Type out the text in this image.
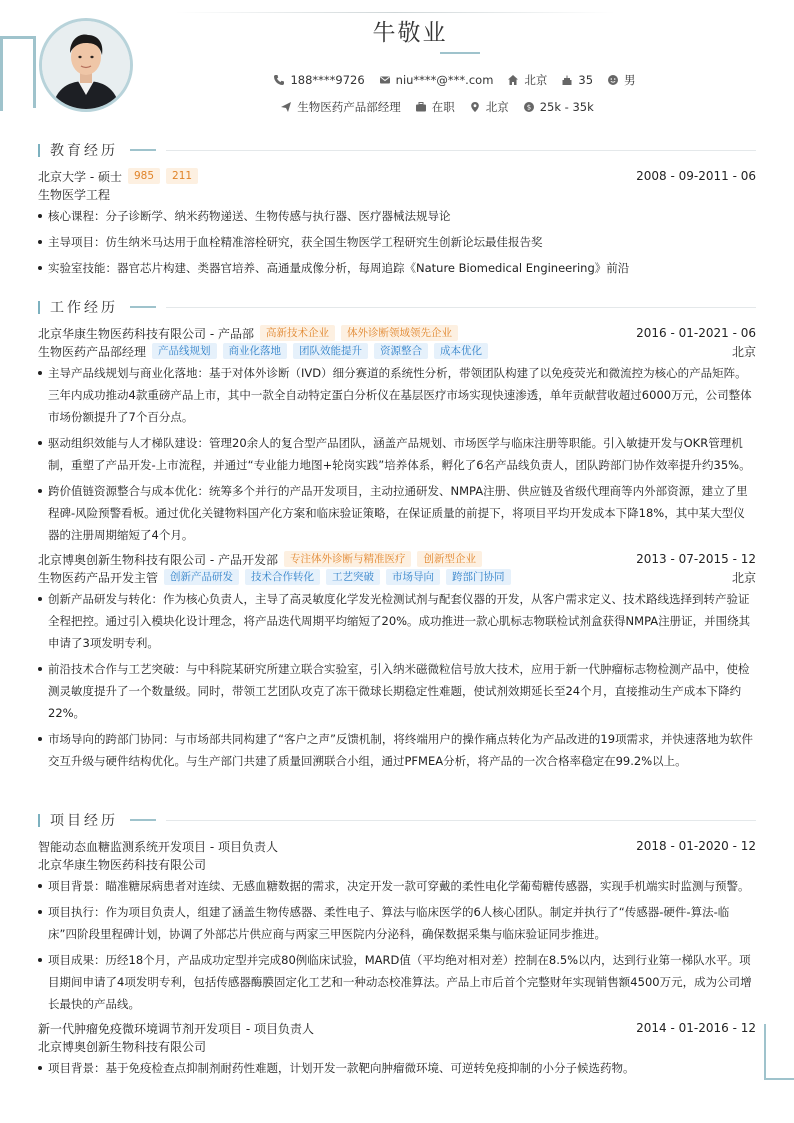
牛敬业
188****9726	niu****@***.com	北京	35	男
生物医药产品部经理	在职	北京	$ 25k - 35k
教育经历
北京大学 - 硕士	985	211	2008 - 09-2011 - 06
生物医学工程
核心课程：分子诊断学、纳米药物递送、生物传感与执行器、医疗器械法规导论
主导项目：仿生纳米马达用于血栓精准溶栓研究，获全国生物医学工程研究生创新论坛最佳报告奖
实验室技能：器官芯片构建、类器官培养、高通量成像分析，每周追踪《Nature Biomedical Engineering》前沿
工作经历
北京华康生物医药科技有限公司 - 产品部	高新技术企业	体外诊断领域领先企业	2016 - 01-2021 - 06
生物医药产品部经理	产品线规划	商业化落地	团队效能提升	资源整合	成本优化	北京
主导产品线规划与商业化落地：基于对体外诊断（IVD）细分赛道的系统性分析，带领团队构建了以免疫荧光和微流控为核心的产品矩阵。三年内成功推动4款重磅产品上市，其中一款全自动特定蛋白分析仪在基层医疗市场实现快速渗透，单年贡献营收超过6000万元，公司整体市场份额提升了7个百分点。
驱动组织效能与人才梯队建设：管理20余人的复合型产品团队，涵盖产品规划、市场医学与临床注册等职能。引入敏捷开发与OKR管理机制，重塑了产品开发-上市流程，并通过“专业能力地图+轮岗实践”培养体系，孵化了6名产品线负责人，团队跨部门协作效率提升约35%。
跨价值链资源整合与成本优化：统筹多个并行的产品开发项目，主动拉通研发、NMPA注册、供应链及省级代理商等内外部资源，建立了里程碑-风险预警看板。通过优化关键物料国产化方案和临床验证策略，在保证质量的前提下，将项目平均开发成本下降18%，其中某大型仪器的注册周期缩短了4个月。
北京博奥创新生物科技有限公司 - 产品开发部	专注体外诊断与精准医疗	创新型企业	2013 - 07-2015 - 12
生物医药产品开发主管	创新产品研发	技术合作转化	工艺突破	市场导向	跨部门协同	北京
创新产品研发与转化：作为核心负责人，主导了高灵敏度化学发光检测试剂与配套仪器的开发，从客户需求定义、技术路线选择到转产验证全程把控。通过引入模块化设计理念，将产品迭代周期平均缩短了20%。成功推进一款心肌标志物联检试剂盒获得NMPA注册证，并围绕其申请了3项发明专利。
前沿技术合作与工艺突破：与中科院某研究所建立联合实验室，引入纳米磁微粒信号放大技术，应用于新一代肿瘤标志物检测产品中，使检测灵敏度提升了一个数量级。同时，带领工艺团队攻克了冻干微球长期稳定性难题，使试剂效期延长至24个月，直接推动生产成本下降约22%。
市场导向的跨部门协同：与市场部共同构建了“客户之声”反馈机制，将终端用户的操作痛点转化为产品改进的19项需求，并快速落地为软件交互升级与硬件结构优化。与生产部门共建了质量回溯联合小组，通过PFMEA分析，将产品的一次合格率稳定在99.2%以上。
项目经历
智能动态血糖监测系统开发项目 - 项目负责人	2018 - 01-2020 - 12
北京华康生物医药科技有限公司
项目背景：瞄准糖尿病患者对连续、无感血糖数据的需求，决定开发一款可穿戴的柔性电化学葡萄糖传感器，实现手机端实时监测与预警。
项目执行：作为项目负责人，组建了涵盖生物传感器、柔性电子、算法与临床医学的6人核心团队。制定并执行了“传感器-硬件-算法-临床”四阶段里程碑计划，协调了外部芯片供应商与两家三甲医院内分泌科，确保数据采集与临床验证同步推进。
项目成果：历经18个月，产品成功定型并完成80例临床试验，MARD值（平均绝对相对差）控制在8.5%以内，达到行业第一梯队水平。项目期间申请了4项发明专利，包括传感器酶膜固定化工艺和一种动态校准算法。产品上市后首个完整财年实现销售额4500万元，成为公司增长最快的产品线。
新一代肿瘤免疫微环境调节剂开发项目 - 项目负责人	2014 - 01-2016 - 12
北京博奥创新生物科技有限公司
项目背景：基于免疫检查点抑制剂耐药性难题，计划开发一款靶向肿瘤微环境、可逆转免疫抑制的小分子候选药物。
